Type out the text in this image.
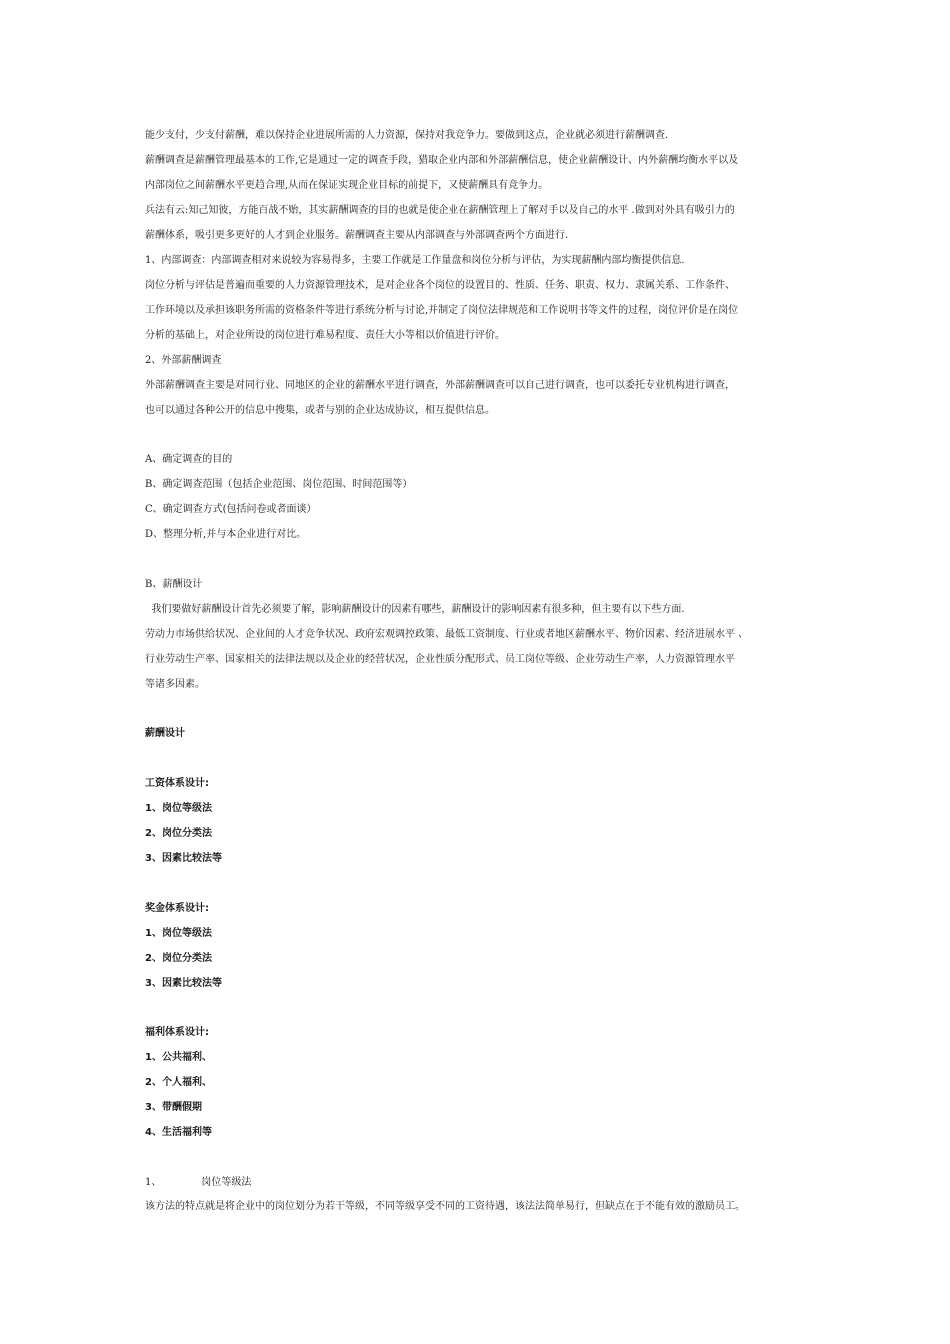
能少支付，少支付薪酬，难以保持企业进展所需的人力资源，保持对我竞争力。要做到这点，企业就必须进行薪酬调查.
薪酬调查是薪酬管理最基本的工作,它是通过一定的调查手段，猎取企业内部和外部薪酬信息，使企业薪酬设计、内外薪酬均衡水平以及
内部岗位之间薪酬水平更趋合理,从而在保证实现企业目标的前提下，又使薪酬具有竞争力。
兵法有云:知己知彼，方能百战不贻，其实薪酬调查的目的也就是使企业在薪酬管理上了解对手以及自己的水平 .做到对外具有吸引力的
薪酬体系，吸引更多更好的人才到企业服务。薪酬调查主要从内部调查与外部调查两个方面进行.
1、内部调查：内部调查相对来说较为容易得多，主要工作就是工作量盘和岗位分析与评估，为实现薪酬内部均衡提供信息.
岗位分析与评估是普遍而重要的人力资源管理技术，是对企业各个岗位的设置目的、性质、任务、职责、权力、隶属关系、工作条件、
工作环境以及承担该职务所需的资格条件等进行系统分析与讨论,并制定了岗位法律规范和工作说明书等文件的过程，岗位评价是在岗位
分析的基础上，对企业所设的岗位进行难易程度、责任大小等相以价值进行评价。
2、外部薪酬调查
外部薪酬调查主要是对同行业、同地区的企业的薪酬水平进行调查，外部薪酬调查可以自己进行调查，也可以委托专业机构进行调查，
也可以通过各种公开的信息中搜集，或者与别的企业达成协议，相互提供信息。
A、确定调查的目的
B、确定调查范围（包括企业范围、岗位范围、时间范围等）
C、确定调查方式(包括问卷或者面谈）
D、整理分析,并与本企业进行对比。
B、薪酬设计
我们要做好薪酬设计首先必须要了解，影响薪酬设计的因素有哪些，薪酬设计的影响因素有很多种，但主要有以下些方面.
劳动力市场供给状况、企业间的人才竞争状况、政府宏观调控政策、最低工资制度、行业或者地区薪酬水平、物价因素、经济进展水平 、
行业劳动生产率、国家相关的法律法规以及企业的经营状况，企业性质分配形式、员工岗位等级、企业劳动生产率，人力资源管理水平
等诸多因素。
薪酬设计
工资体系设计:
1、岗位等级法
2、岗位分类法
3、因素比较法等
奖金体系设计:
1、岗位等级法
2、岗位分类法
3、因素比较法等
福利体系设计:
1、公共福利、
2、个人福利、
3、带酬假期
4、生活福利等
1、	岗位等级法
该方法的特点就是将企业中的岗位划分为若干等级，不同等级享受不同的工资待遇，该法法简单易行，但缺点在于不能有效的激励员工。
